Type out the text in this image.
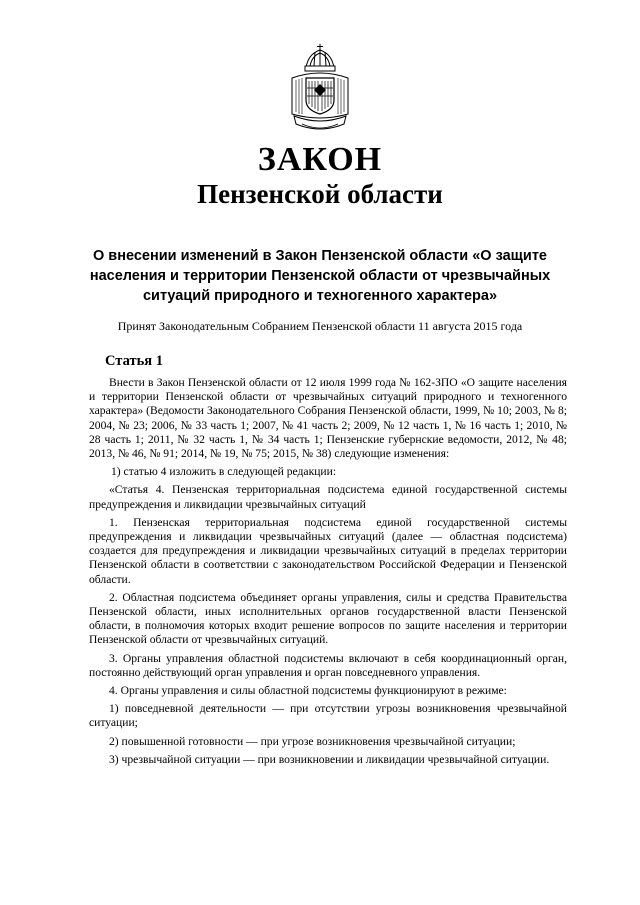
ЗАКОН
Пензенской области
О внесении изменений в Закон Пензенской области «О защите населения и территории Пензенской области от чрезвычайных ситуаций природного и техногенного характера»
Принят Законодательным Собранием Пензенской области 11 августа 2015 года
Статья 1

Внести в Закон Пензенской области от 12 июля 1999 года № 162-ЗПО «О защите населения и территории Пензенской области от чрезвычайных ситуаций природного и техногенного характера» (Ведомости Законодательного Собрания Пензенской области, 1999, № 10; 2003, № 8; 2004, № 23; 2006, № 33 часть 1; 2007, № 41 часть 2; 2009, № 12 часть 1, № 16 часть 1; 2010, № 28 часть 1; 2011, № 32 часть 1, № 34 часть 1; Пензенские губернские ведомости, 2012, № 48; 2013, № 46, № 91; 2014, № 19, № 75; 2015, № 38) следующие изменения:

1) статью 4 изложить в следующей редакции:

«Статья 4. Пензенская территориальная подсистема единой государственной системы предупреждения и ликвидации чрезвычайных ситуаций

1. Пензенская территориальная подсистема единой государственной системы предупреждения и ликвидации чрезвычайных ситуаций (далее — областная подсистема) создается для предупреждения и ликвидации чрезвычайных ситуаций в пределах территории Пензенской области в соответствии с законодательством Российской Федерации и Пензенской области.

2. Областная подсистема объединяет органы управления, силы и средства Правительства Пензенской области, иных исполнительных органов государственной власти Пензенской области, в полномочия которых входит решение вопросов по защите населения и территории Пензенской области от чрезвычайных ситуаций.

3. Органы управления областной подсистемы включают в себя координационный орган, постоянно действующий орган управления и орган повседневного управления.

4. Органы управления и силы областной подсистемы функционируют в режиме:

1) повседневной деятельности — при отсутствии угрозы возникновения чрезвычайной ситуации;

2) повышенной готовности — при угрозе возникновения чрезвычайной ситуации;

3) чрезвычайной ситуации — при возникновении и ликвидации чрезвычайной ситуации.
